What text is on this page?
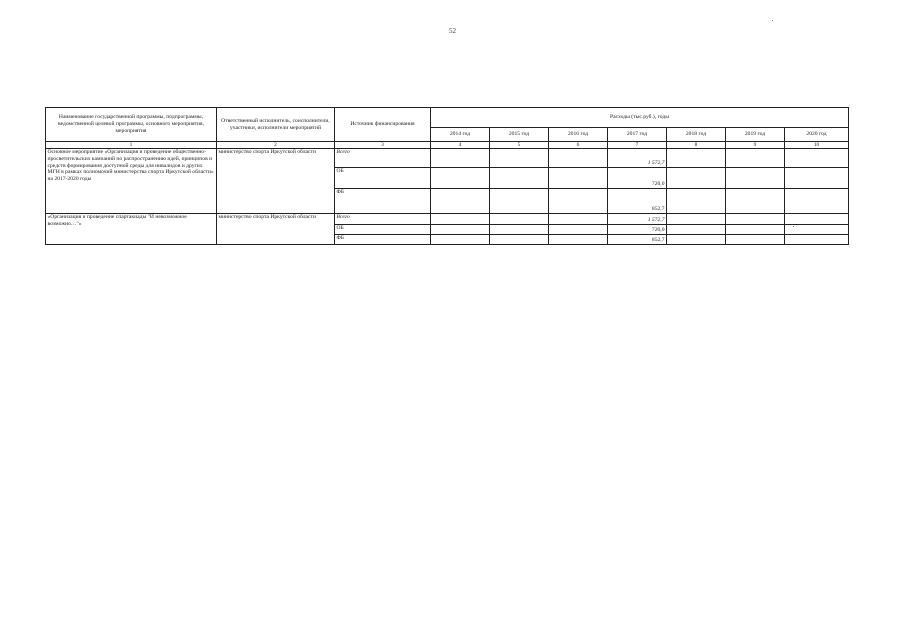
52
Наименование государственной программы, подпрограммы, ведомственной целевой программы, основного мероприятия, мероприятия	Ответственный исполнитель, соисполнители, участники, исполнители мероприятий	Источник финансирования	Расходы (тыс.руб.), годы						
			2014 год	2015 год	2016 год	2017 год	2018 год	2019 год	2020 год
1	2	3	4	5	6	7	8	9	10
Основное мероприятие «Организация и проведение общественно-просветительских кампаний по распространению идей, принципов и средств формирования доступной среды для инвалидов и других МГН в рамках полномочий министерства спорта Иркутской области» на 2017-2020 годы	министерство спорта Иркутской области	Всего				1 572,7			
		ОБ				720,0			
		ФБ				852,7			
«Организация и проведение спартакиады "И невозможное возможно…"»	министерство спорта Иркутской области	Всего				1 572,7			
		ОБ				720,0			
		ФБ				852,7			
